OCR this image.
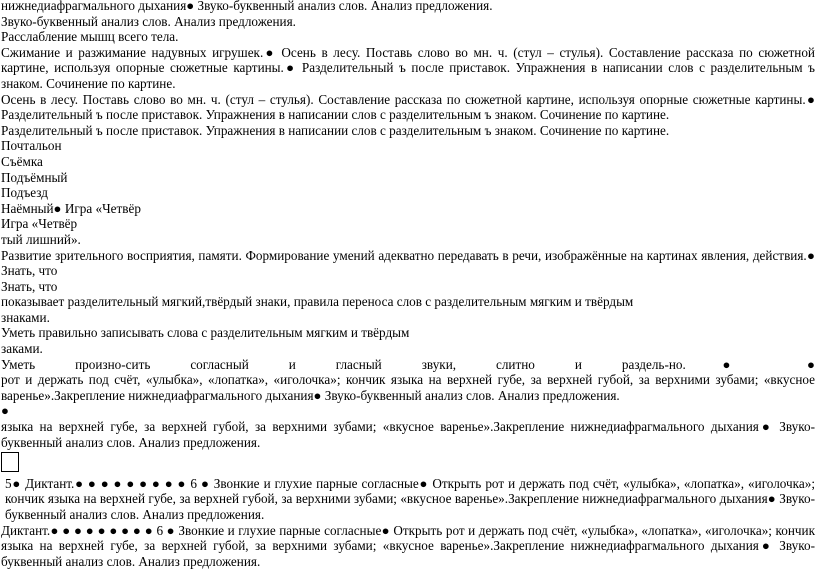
нижнедиафрагмального дыхания● Звуко-буквенный анализ слов. Анализ предложения.

Звуко-буквенный анализ слов. Анализ предложения.

Расслабление мышц всего тела.

Сжимание и разжимание надувных игрушек.● Осень в лесу. Поставь слово во мн. ч. (стул – стулья). Составление рассказа по сюжетной картине, используя опорные сюжетные картины.● Разделительный ъ после приставок. Упражнения в написании слов с разделительным ъ знаком. Сочинение по картине.

Осень в лесу. Поставь слово во мн. ч. (стул – стулья). Составление рассказа по сюжетной картине, используя опорные сюжетные картины.● Разделительный ъ после приставок. Упражнения в написании слов с разделительным ъ знаком. Сочинение по картине.

Разделительный ъ после приставок. Упражнения в написании слов с разделительным ъ знаком. Сочинение по картине.

Почтальон

Съёмка

Подъёмный

Подъезд

Наёмный● Игра «Четвёр

Игра «Четвёр

тый лишний».

Развитие зрительного восприятия, памяти. Формирование умений адекватно передавать в речи, изображённые на картинах явления, действия.● Знать, что

Знать, что

показывает разделительный мягкий,твёрдый знаки, правила переноса слов с разделительным мягким и твёрдым

знаками.

Уметь правильно записывать слова с разделительным мягким и твёрдым

заками.

Уметь	произно-сить	согласный	и	гласный	звуки,	слитно	и	раздель-но.● ●

рот и держать под счёт, «улыбка», «лопатка», «иголочка»; кончик языка на верхней губе, за верхней губой, за верхними зубами; «вкусное варенье».Закрепление нижнедиафрагмального дыхания● Звуко-буквенный анализ слов. Анализ предложения.

●

языка на верхней губе, за верхней губой, за верхними зубами; «вкусное варенье».Закрепление нижнедиафрагмального дыхания● Звуко-буквенный анализ слов. Анализ предложения.

5● Диктант.● ● ● ● ● ● ● ● ● 6 ● Звонкие и глухие парные согласные● Открыть рот и держать под счёт, «улыбка», «лопатка», «иголочка»; кончик языка на верхней губе, за верхней губой, за верхними зубами; «вкусное варенье».Закрепление нижнедиафрагмального дыхания● Звуко-буквенный анализ слов. Анализ предложения.

Диктант.● ● ● ● ● ● ● ● ● 6 ● Звонкие и глухие парные согласные● Открыть рот и держать под счёт, «улыбка», «лопатка», «иголочка»; кончик языка на верхней губе, за верхней губой, за верхними зубами; «вкусное варенье».Закрепление нижнедиафрагмального дыхания● Звуко-буквенный анализ слов. Анализ предложения.
